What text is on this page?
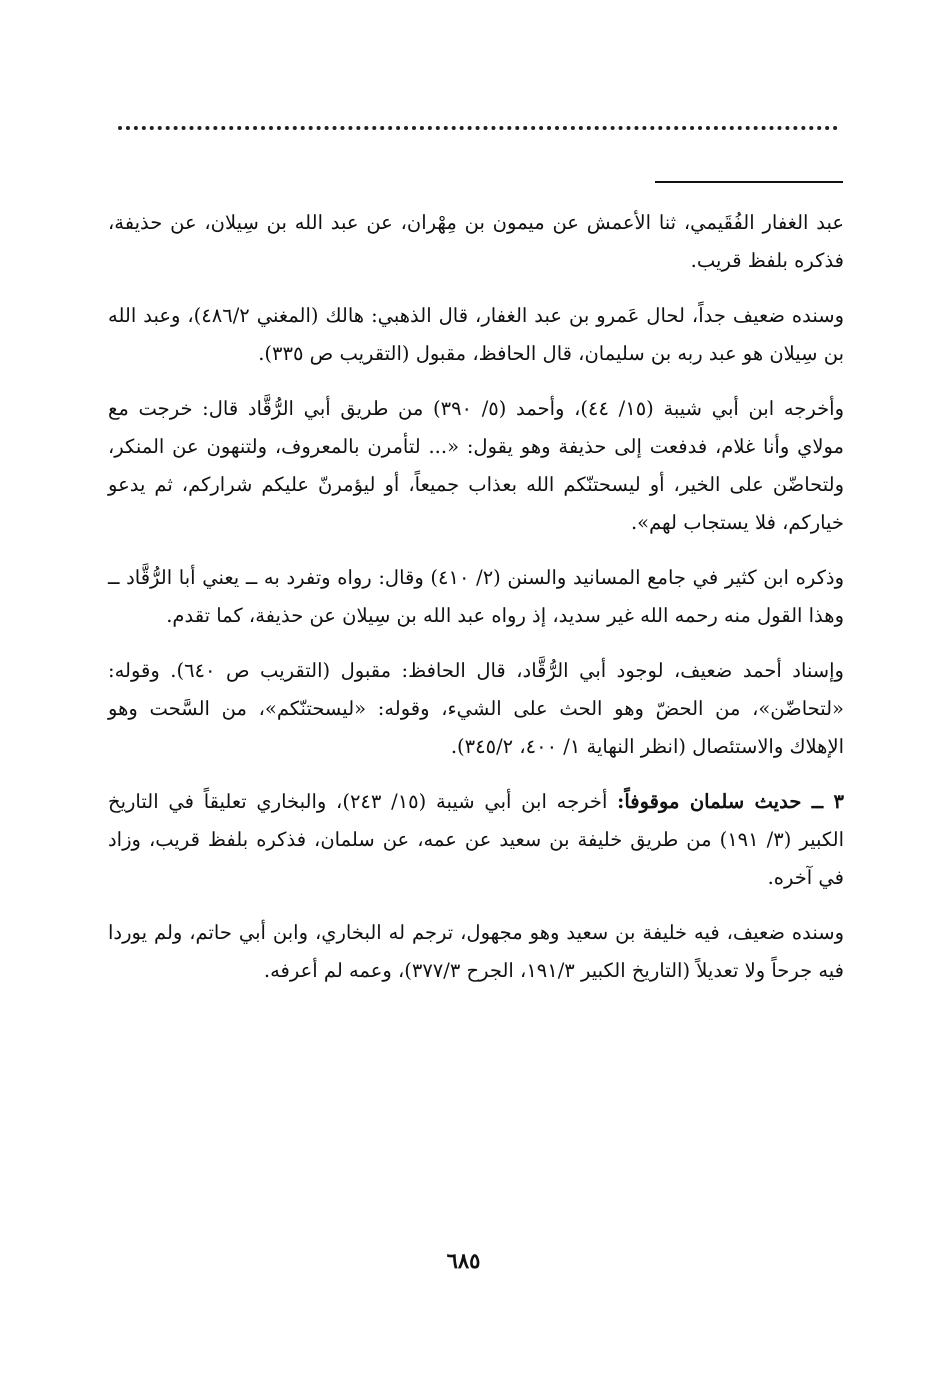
عبد الغفار الفُقَيمي، ثنا الأعمش عن ميمون بن مِهْران، عن عبد الله بن سِيلان، عن حذيفة، فذكره بلفظ قريب.

وسنده ضعيف جداً، لحال عَمرو بن عبد الغفار، قال الذهبي: هالك (المغني ٤٨٦/٢)، وعبد الله بن سِيلان هو عبد ربه بن سليمان، قال الحافظ، مقبول (التقريب ص ٣٣٥).

وأخرجه ابن أبي شيبة (١٥/ ٤٤)، وأحمد (٥/ ٣٩٠) من طريق أبي الرُّقَّاد قال: خرجت مع مولاي وأنا غلام، فدفعت إلى حذيفة وهو يقول: «... لتأمرن بالمعروف، ولتنهون عن المنكر، ولتحاضّن على الخير، أو ليسحتنّكم الله بعذاب جميعاً، أو ليؤمرنّ عليكم شراركم، ثم يدعو خياركم، فلا يستجاب لهم».

وذكره ابن كثير في جامع المسانيد والسنن (٢/ ٤١٠) وقال: رواه وتفرد به ــ يعني أبا الرُّقَّاد ــ وهذا القول منه رحمه الله غير سديد، إذ رواه عبد الله بن سِيلان عن حذيفة، كما تقدم.

وإسناد أحمد ضعيف، لوجود أبي الرُّقَّاد، قال الحافظ: مقبول (التقريب ص ٦٤٠). وقوله: «لتحاضّن»، من الحضّ وهو الحث على الشيء، وقوله: «ليسحتنّكم»، من السَّحت وهو الإهلاك والاستئصال (انظر النهاية ١/ ٤٠٠، ٣٤٥/٢).

٣ ــ حديث سلمان موقوفاً: أخرجه ابن أبي شيبة (١٥/ ٢٤٣)، والبخاري تعليقاً في التاريخ الكبير (٣/ ١٩١) من طريق خليفة بن سعيد عن عمه، عن سلمان، فذكره بلفظ قريب، وزاد في آخره.

وسنده ضعيف، فيه خليفة بن سعيد وهو مجهول، ترجم له البخاري، وابن أبي حاتم، ولم يوردا فيه جرحاً ولا تعديلاً (التاريخ الكبير ١٩١/٣، الجرح ٣٧٧/٣)، وعمه لم أعرفه.

٦٨٥
